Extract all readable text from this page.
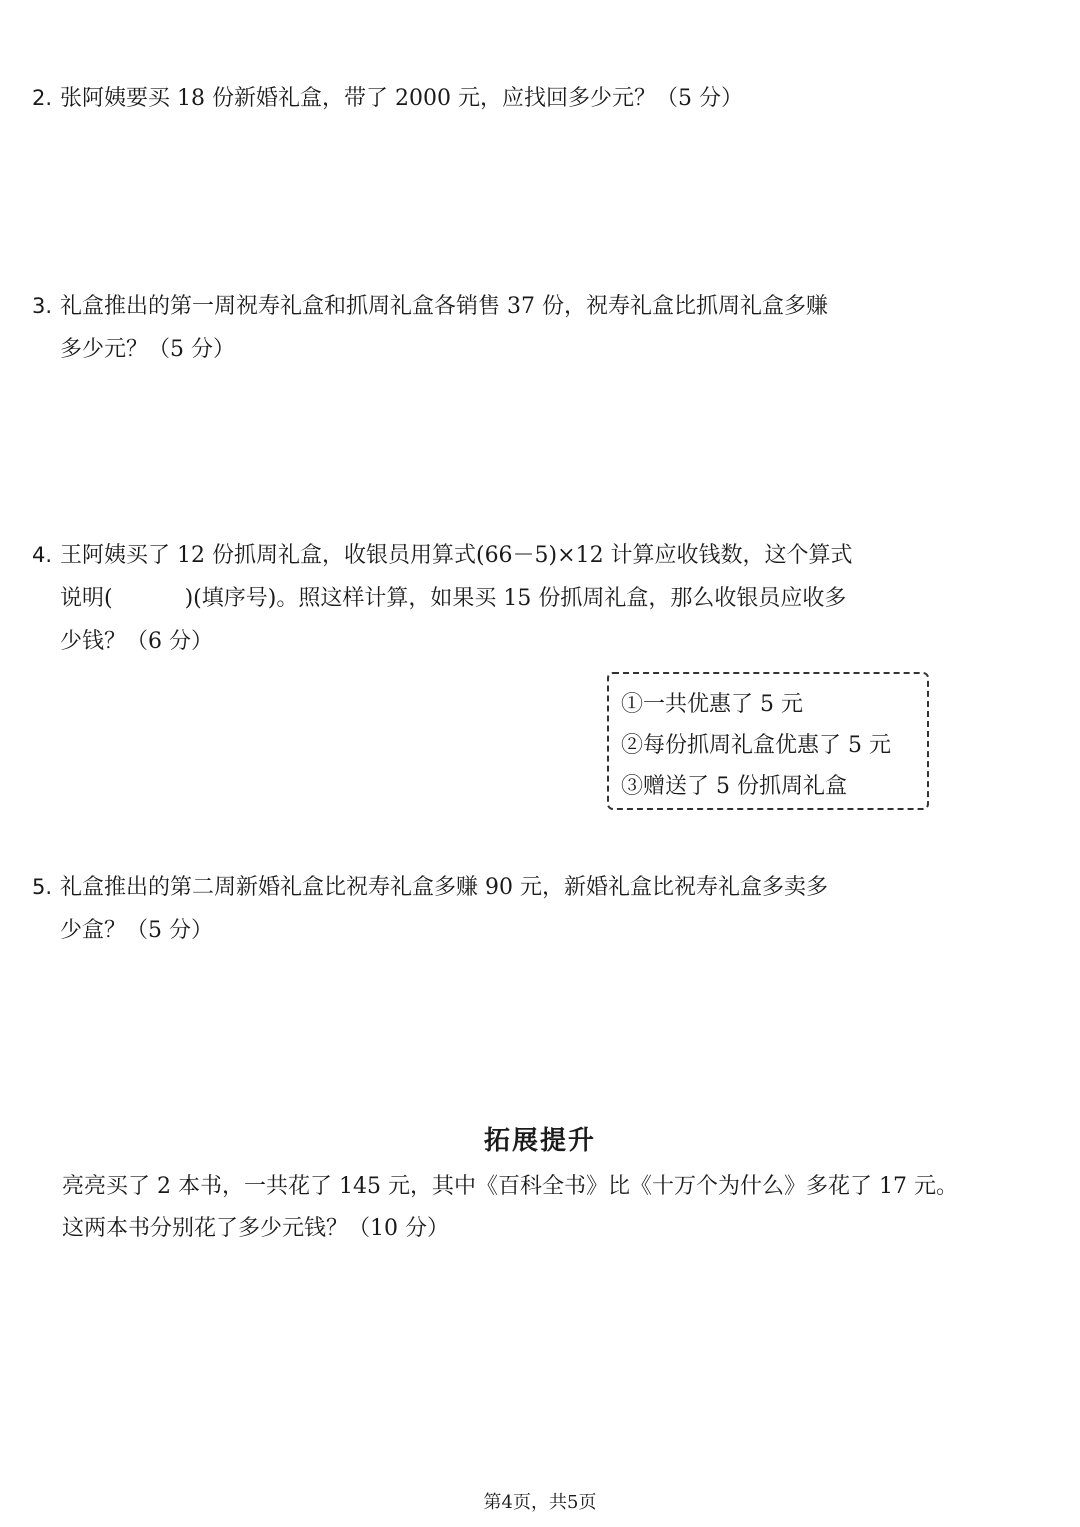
2. 张阿姨要买 18 份新婚礼盒，带了 2000 元，应找回多少元？（5 分）
3. 礼盒推出的第一周祝寿礼盒和抓周礼盒各销售 37 份，祝寿礼盒比抓周礼盒多赚
多少元？（5 分）
4. 王阿姨买了 12 份抓周礼盒，收银员用算式(66－5)×12 计算应收钱数，这个算式
说明(	)(填序号)。照这样计算，如果买 15 份抓周礼盒，那么收银员应收多
少钱？（6 分）
①一共优惠了 5 元
②每份抓周礼盒优惠了 5 元
③赠送了 5 份抓周礼盒
5. 礼盒推出的第二周新婚礼盒比祝寿礼盒多赚 90 元，新婚礼盒比祝寿礼盒多卖多
少盒？（5 分）
拓展提升
亮亮买了 2 本书，一共花了 145 元，其中《百科全书》比《十万个为什么》多花了 17 元。
这两本书分别花了多少元钱？（10 分）
第4页，共5页
